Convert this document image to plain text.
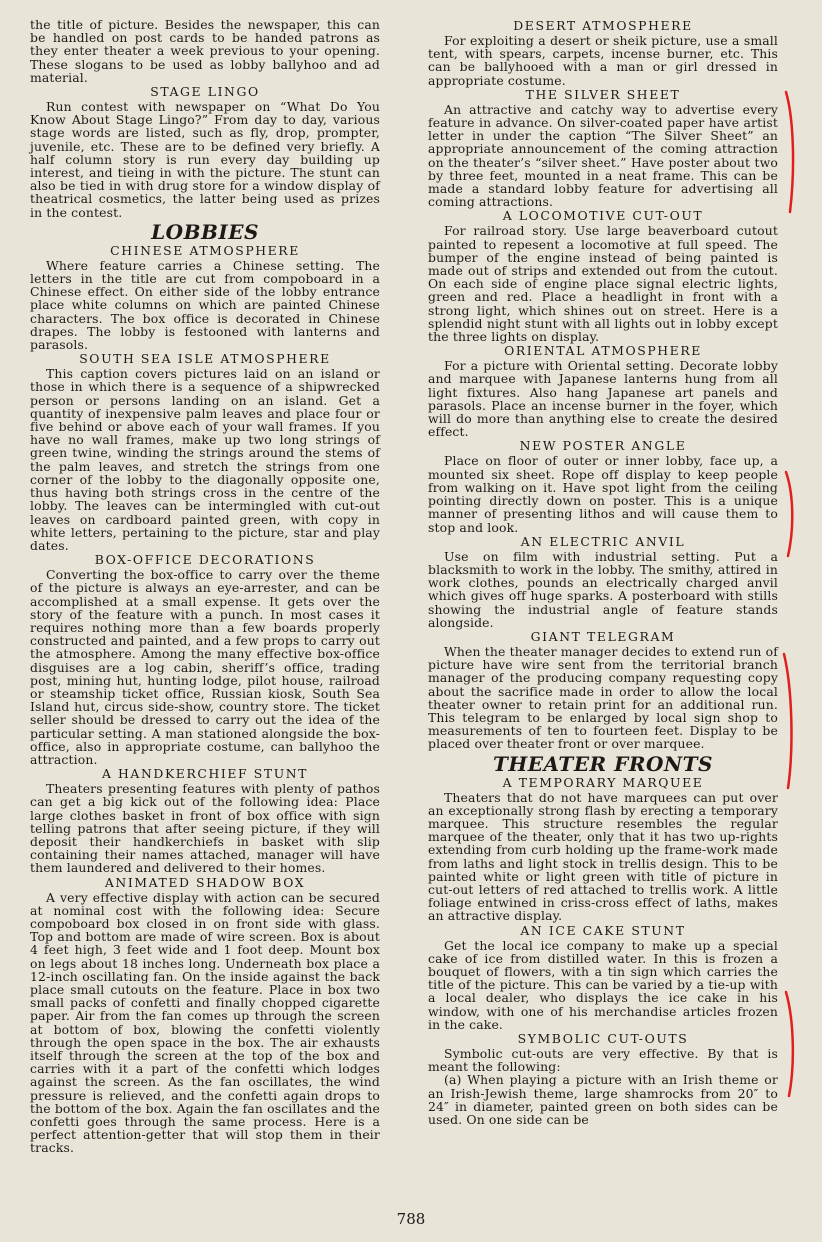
the title of picture. Besides the newspaper, this can be handled on post cards to be handed patrons as they enter theater a week previous to your opening. These slogans to be used as lobby ballyhoo and ad material.

STAGE LINGO

Run contest with newspaper on “What Do You Know About Stage Lingo?” From day to day, various stage words are listed, such as fly, drop, prompter, juvenile, etc. These are to be defined very briefly. A half column story is run every day building up interest, and tieing in with the picture. The stunt can also be tied in with drug store for a window display of theatrical cosmetics, the latter being used as prizes in the contest.

LOBBIES
CHINESE ATMOSPHERE

Where feature carries a Chinese setting. The letters in the title are cut from compoboard in a Chinese effect. On either side of the lobby entrance place white columns on which are painted Chinese characters. The box office is decorated in Chinese drapes. The lobby is festooned with lanterns and parasols.

SOUTH SEA ISLE ATMOSPHERE

This caption covers pictures laid on an island or those in which there is a sequence of a shipwrecked person or persons landing on an island. Get a quantity of inexpensive palm leaves and place four or five behind or above each of your wall frames. If you have no wall frames, make up two long strings of green twine, winding the strings around the stems of the palm leaves, and stretch the strings from one corner of the lobby to the diagonally opposite one, thus having both strings cross in the centre of the lobby. The leaves can be intermingled with cut-out leaves on cardboard painted green, with copy in white letters, pertaining to the picture, star and play dates.

BOX-OFFICE DECORATIONS

Converting the box-office to carry over the theme of the picture is always an eye-arrester, and can be accomplished at a small expense. It gets over the story of the feature with a punch. In most cases it requires nothing more than a few boards properly constructed and painted, and a few props to carry out the atmosphere. Among the many effective box-office disguises are a log cabin, sheriff’s office, trading post, mining hut, hunting lodge, pilot house, railroad or steamship ticket office, Russian kiosk, South Sea Island hut, circus side-show, country store. The ticket seller should be dressed to carry out the idea of the particular setting. A man stationed alongside the box-office, also in appropriate costume, can ballyhoo the attraction.

A HANDKERCHIEF STUNT

Theaters presenting features with plenty of pathos can get a big kick out of the following idea: Place large clothes basket in front of box office with sign telling patrons that after seeing picture, if they will deposit their handkerchiefs in basket with slip containing their names attached, manager will have them laundered and delivered to their homes.

ANIMATED SHADOW BOX

A very effective display with action can be secured at nominal cost with the following idea: Secure compoboard box closed in on front side with glass. Top and bottom are made of wire screen. Box is about 4 feet high, 3 feet wide and 1 foot deep. Mount box on legs about 18 inches long. Underneath box place a 12-inch oscillating fan. On the inside against the back place small cutouts on the feature. Place in box two small packs of confetti and finally chopped cigarette paper. Air from the fan comes up through the screen at bottom of box, blowing the confetti violently through the open space in the box. The air exhausts itself through the screen at the top of the box and carries with it a part of the confetti which lodges against the screen. As the fan oscillates, the wind pressure is relieved, and the confetti again drops to the bottom of the box. Again the fan oscillates and the confetti goes through the same process. Here is a perfect attention-getter that will stop them in their tracks.

DESERT ATMOSPHERE

For exploiting a desert or sheik picture, use a small tent, with spears, carpets, incense burner, etc. This can be ballyhooed with a man or girl dressed in appropriate costume.

THE SILVER SHEET

An attractive and catchy way to advertise every feature in advance. On silver-coated paper have artist letter in under the caption “The Silver Sheet” an appropriate announcement of the coming attraction on the theater’s “silver sheet.” Have poster about two by three feet, mounted in a neat frame. This can be made a standard lobby feature for advertising all coming attractions.

A LOCOMOTIVE CUT-OUT

For railroad story. Use large beaverboard cutout painted to repesent a locomotive at full speed. The bumper of the engine instead of being painted is made out of strips and extended out from the cutout. On each side of engine place signal electric lights, green and red. Place a headlight in front with a strong light, which shines out on street. Here is a splendid night stunt with all lights out in lobby except the three lights on display.

ORIENTAL ATMOSPHERE

For a picture with Oriental setting. Decorate lobby and marquee with Japanese lanterns hung from all light fixtures. Also hang Japanese art panels and parasols. Place an incense burner in the foyer, which will do more than anything else to create the desired effect.

NEW POSTER ANGLE

Place on floor of outer or inner lobby, face up, a mounted six sheet. Rope off display to keep people from walking on it. Have spot light from the ceiling pointing directly down on poster. This is a unique manner of presenting lithos and will cause them to stop and look.

AN ELECTRIC ANVIL

Use on film with industrial setting. Put a blacksmith to work in the lobby. The smithy, attired in work clothes, pounds an electrically charged anvil which gives off huge sparks. A posterboard with stills showing the industrial angle of feature stands alongside.

GIANT TELEGRAM

When the theater manager decides to extend run of picture have wire sent from the territorial branch manager of the producing company requesting copy about the sacrifice made in order to allow the local theater owner to retain print for an additional run. This telegram to be enlarged by local sign shop to measurements of ten to fourteen feet. Display to be placed over theater front or over marquee.

THEATER FRONTS
A TEMPORARY MARQUEE

Theaters that do not have marquees can put over an exceptionally strong flash by erecting a temporary marquee. This structure resembles the regular marquee of the theater, only that it has two up-rights extending from curb holding up the frame-work made from laths and light stock in trellis design. This to be painted white or light green with title of picture in cut-out letters of red attached to trellis work. A little foliage entwined in criss-cross effect of laths, makes an attractive display.

AN ICE CAKE STUNT

Get the local ice company to make up a special cake of ice from distilled water. In this is frozen a bouquet of flowers, with a tin sign which carries the title of the picture. This can be varied by a tie-up with a local dealer, who displays the ice cake in his window, with one of his merchandise articles frozen in the cake.

SYMBOLIC CUT-OUTS

Symbolic cut-outs are very effective. By that is meant the following:

(a) When playing a picture with an Irish theme or an Irish-Jewish theme, large shamrocks from 20″ to 24″ in diameter, painted green on both sides can be used. On one side can be

788
